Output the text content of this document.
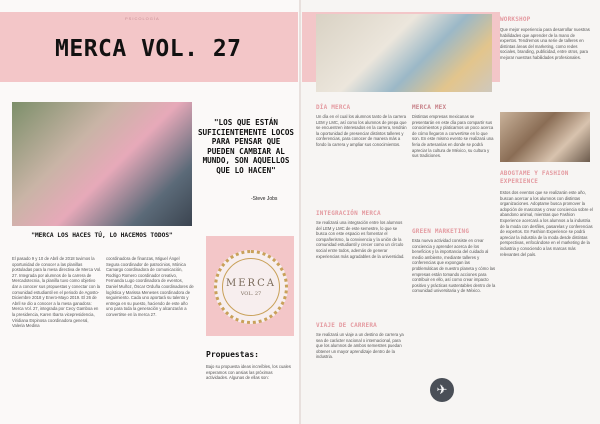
PSICOLOGÍA
MERCA VOL. 27
"LOS QUE ESTÁN SUFICIENTEMENTE LOCOS PARA PENSAR QUE PUEDEN CAMBIAR AL MUNDO, SON AQUELLOS QUE LO HACEN"
-Steve Jobs
"MERCA LOS HACES TÚ, LO HACEMOS TODOS"
El pasado 9 y 10 de Abril de 2018 tuvimos la oportunidad de conocer a las planillas postuladas para la mesa directiva de Merca Vol. 27. Integrada por alumnos de la carrera de Mercadotecnia, la planilla tuvo como objetivo dar a conocer sus propuestas y conectar con la comunidad estudiantil en el periodo de Agosto-Diciembre 2018 y Enero-Mayo 2019. El 26 de Abril se dio a conocer a la mesa ganadora: Merca Vol. 27, integrada por Cecy Gamboa en la presidencia, Karen Ibarra vicepresidencia, Viridiana Espinosa coordinadora general, Valeria Medina
coordinadora de finanzas, Miguel Ángel Segura coordinador de patrocinios, Mónica Camargo coordinadora de comunicación, Rodrigo Romero coordinador creativo, Fernanda Lugo coordinadora de eventos, Daniel Muñoz, Óscar Orduña coordinadores de logística y Marissa Meneses coordinadora de seguimiento. Cada uno aportará su talento y entrega en su puesto, haciendo de este año uno para toda la generación y alcanzarán a convertirse en la merca 27.
MERCA
VOL. 27
Propuestas:
Bajo su propuesta ideas increíbles, los cuales esperamos con ansias las próximas actividades. Algunas de ellas son:
DÍA MERCA
Un día en el cual los alumnos tanto de la carrera LEM y LMC, así como los alumnos de prepa que se encuentren interesados en la carrera, tendrán la oportunidad de presenciar distintos talleres y conferencias, para conocer de manera más a fondo la carrera y ampliar sus conocimientos.
INTEGRACIÓN MERCA
Se realizará una integración entre los alumnos del LEM y LMC de este semestre, lo que se busca con este espacio es fomentar el compañerismo, la convivencia y la unión de la comunidad estudiantil y crecer como un círculo social entre todos, además de generar experiencias más agradables de la universidad.
VIAJE DE CARRERA
Se realizará un viaje a un destino de carrera ya sea de carácter nacional o internacional, para que los alumnos de ambos semestres puedan obtener un mayor aprendizaje dentro de la industria.
MERCA MEX
Distintas empresas mexicanas se presentarán en este día para compartir sus conocimientos y platicarnos un poco acerca de cómo llegaron a convertirse en lo que son. En este mismo evento se realizará una feria de artesanías en donde se podrá apreciar la cultura de México, su cultura y sus tradiciones.
GREEN MARKETING
Esta nueva actividad consiste en crear conciencia y aprender acerca de los beneficios y la importancia del cuidado al medio ambiente, mediante talleres y conferencias que expongan las problemáticas de nuestro planeta y cómo las empresas están tomando acciones para contribuir en ello, así como crear impacto positivo y prácticas sustentables dentro de la comunidad universitaria y de México.
✈
WORKSHOP
Que mejor experiencia para desarrollar nuestras habilidades que aprender de la mano de expertos. Tendremos una serie de talleres en distintas áreas del marketing, como redes sociales, branding, publicidad, entre otros, para mejorar nuestras habilidades profesionales.
ABOGTAME Y FASHION EXPERIENCE
Estos dos eventos que se realizarán este año, buscan acercar a los alumnos con distintas organizaciones. Adoptame busca promover la adopción de mascotas y crear conciencia sobre el abandono animal, mientras que Fashion Experience acercará a los alumnos a la industria de la moda con desfiles, pasarelas y conferencias de expertos. En Fashion Experience se podrá apreciar la industria de la moda desde distintas perspectivas, enfocándose en el marketing de la industria y conociendo a las marcas más relevantes del país.
